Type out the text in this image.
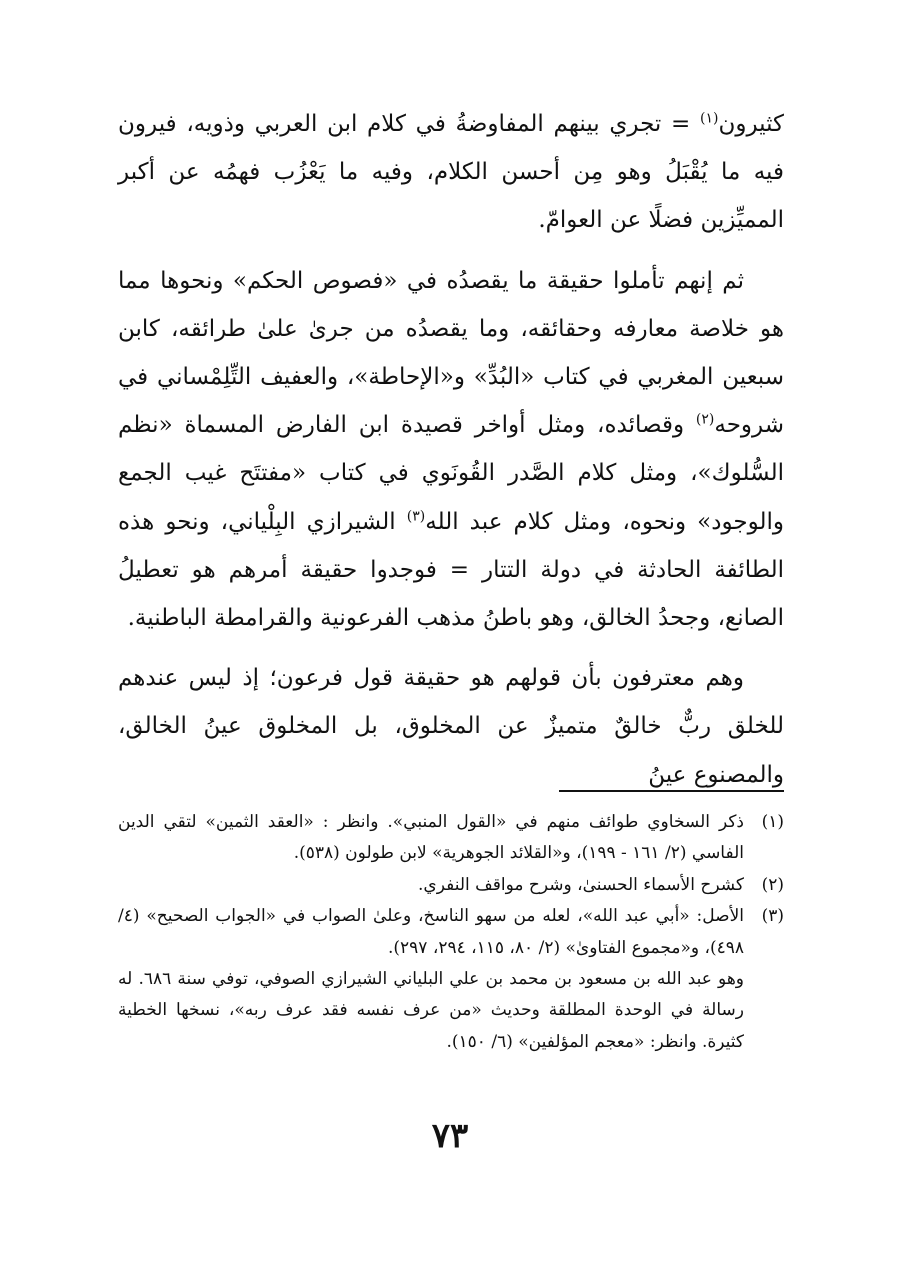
كثيرون$^{(١)}$ = تجري بينهم المفاوضةُ في كلام ابن العربي وذويه، فيرون فيه ما يُقْبَلُ وهو مِن أحسن الكلام، وفيه ما يَعْزُب فهمُه عن أكبر المميِّزين فضلًا عن العوامّ.

ثم إنهم تأملوا حقيقة ما يقصدُه في «فصوص الحكم» ونحوها مما هو خلاصة معارفه وحقائقه، وما يقصدُه من جرىٰ علىٰ طرائقه، كابن سبعين المغربي في كتاب «البُدِّ» و«الإحاطة»، والعفيف التِّلِمْساني في شروحه$^{(٢)}$ وقصائده، ومثل أواخر قصيدة ابن الفارض المسماة «نظم السُّلوك»، ومثل كلام الصَّدر القُونَوي في كتاب «مفتتَح غيب الجمع والوجود» ونحوه، ومثل كلام عبد الله$^{(٣)}$ الشيرازي البِلْياني، ونحو هذه الطائفة الحادثة في دولة التتار = فوجدوا حقيقة أمرهم هو تعطيلُ الصانع، وجحدُ الخالق، وهو باطنُ مذهب الفرعونية والقرامطة الباطنية.

وهم معترفون بأن قولهم هو حقيقة قول فرعون؛ إذ ليس عندهم للخلق ربٌّ خالقٌ متميزٌ عن المخلوق، بل المخلوق عينُ الخالق، والمصنوع عينُ

(١)
ذكر السخاوي طوائف منهم في «القول المنبي». وانظر : «العقد الثمين» لتقي الدين الفاسي (٢/ ١٦١ - ١٩٩)، و«القلائد الجوهرية» لابن طولون (٥٣٨).
(٢)
كشرح الأسماء الحسنىٰ، وشرح مواقف النفري.
(٣)
الأصل: «أبي عبد الله»، لعله من سهو الناسخ، وعلىٰ الصواب في «الجواب الصحيح» (٤/ ٤٩٨)، و«مجموع الفتاوىٰ» (٢/ ٨٠، ١١٥، ٢٩٤، ٢٩٧).
وهو عبد الله بن مسعود بن محمد بن علي البلياني الشيرازي الصوفي، توفي سنة ٦٨٦. له رسالة في الوحدة المطلقة وحديث «من عرف نفسه فقد عرف ربه»، نسخها الخطية كثيرة. وانظر: «معجم المؤلفين» (٦/ ١٥٠).
٧٣
